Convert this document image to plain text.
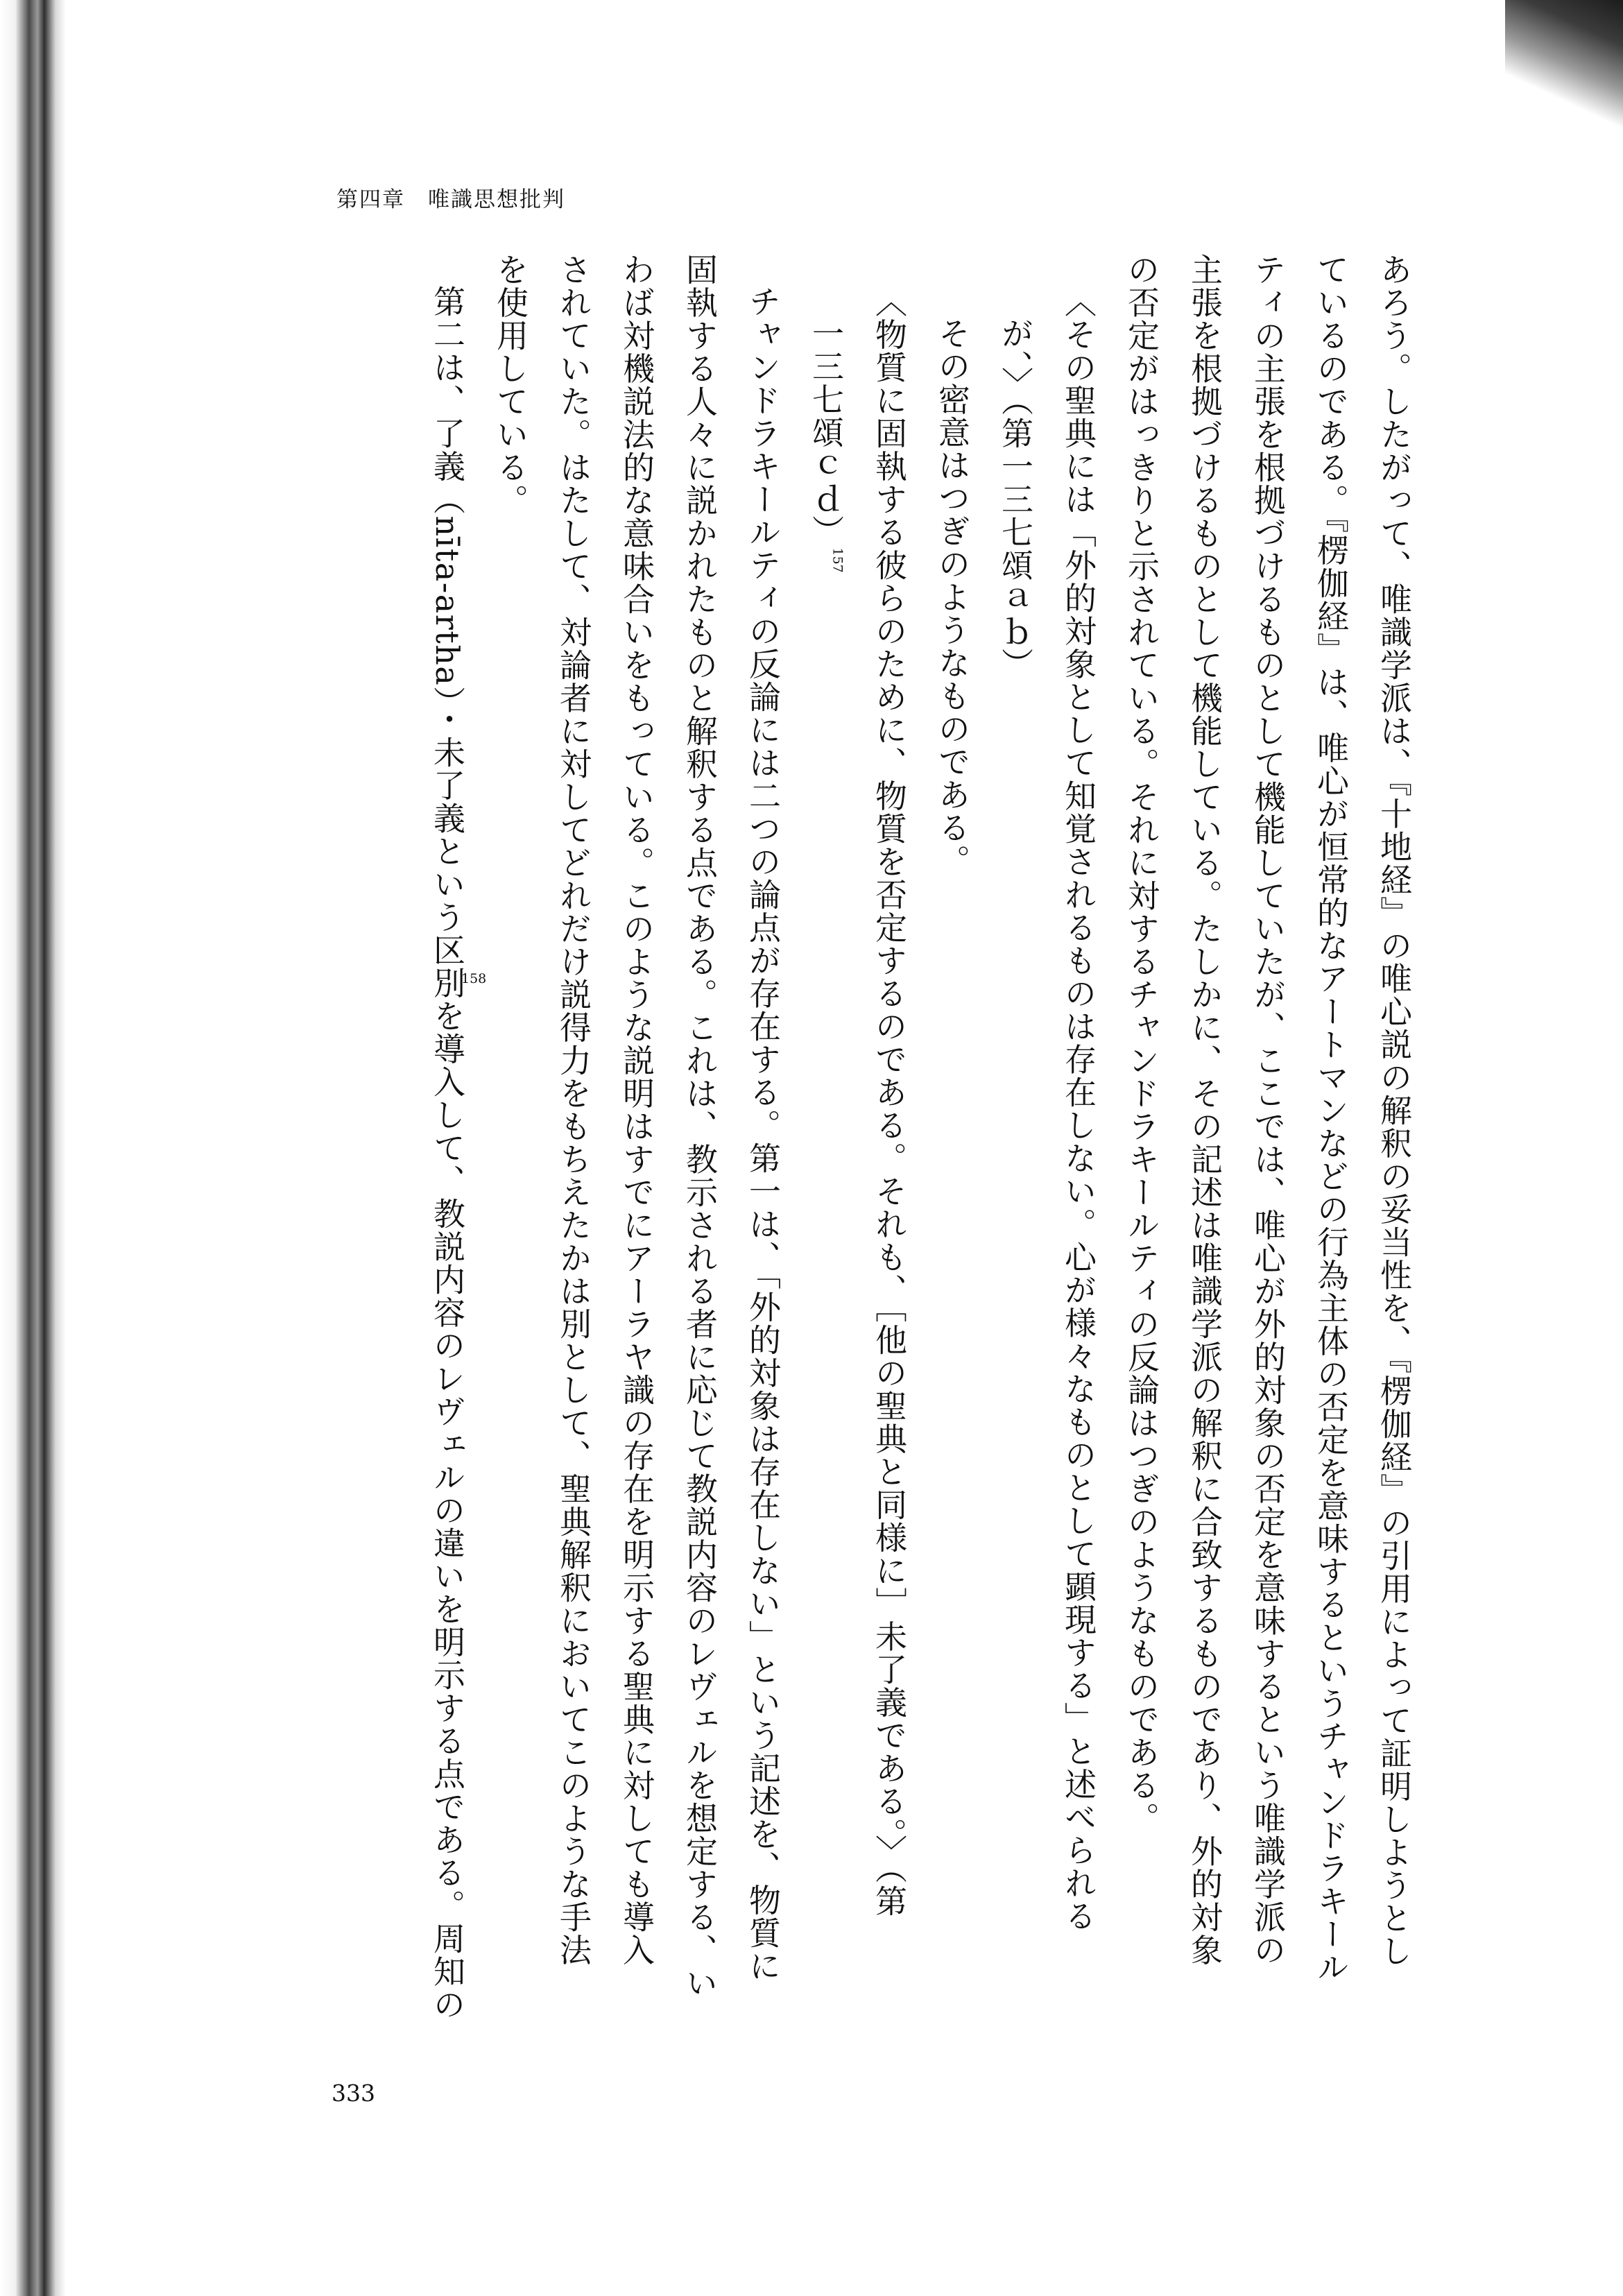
第四章　唯識思想批判
あろう。したがって、唯識学派は、『十地経』の唯心説の解釈の妥当性を、『楞伽経』の引用によって証明しようとし
ているのである。『楞伽経』は、唯心が恒常的なアートマンなどの行為主体の否定を意味するというチャンドラキール
ティの主張を根拠づけるものとして機能していたが、ここでは、唯心が外的対象の否定を意味するという唯識学派の
主張を根拠づけるものとして機能している。たしかに、その記述は唯識学派の解釈に合致するものであり、外的対象
の否定がはっきりと示されている。それに対するチャンドラキールティの反論はつぎのようなものである。
〈その聖典には「外的対象として知覚されるものは存在しない。心が様々なものとして顕現する」と述べられる
が、〉（第一三七頌ａｂ）
その密意はつぎのようなものである。
〈物質に固執する彼らのために、物質を否定するのである。それも、［他の聖典と同様に］未了義である。〉（第
一三七頌ｃｄ）$^{157}$
チャンドラキールティの反論には二つの論点が存在する。第一は、「外的対象は存在しない」という記述を、物質に
固執する人々に説かれたものと解釈する点である。これは、教示される者に応じて教説内容のレヴェルを想定する、い
わば対機説法的な意味合いをもっている。このような説明はすでにアーラヤ識の存在を明示する聖典に対しても導入
されていた。はたして、対論者に対してどれだけ説得力をもちえたかは別として、聖典解釈においてこのような手法
を使用している。
第二は、了義（nīta-artha）・未了義という区別を導入して、教説内容のレヴェルの違いを明示する点である。周知の
158
333
